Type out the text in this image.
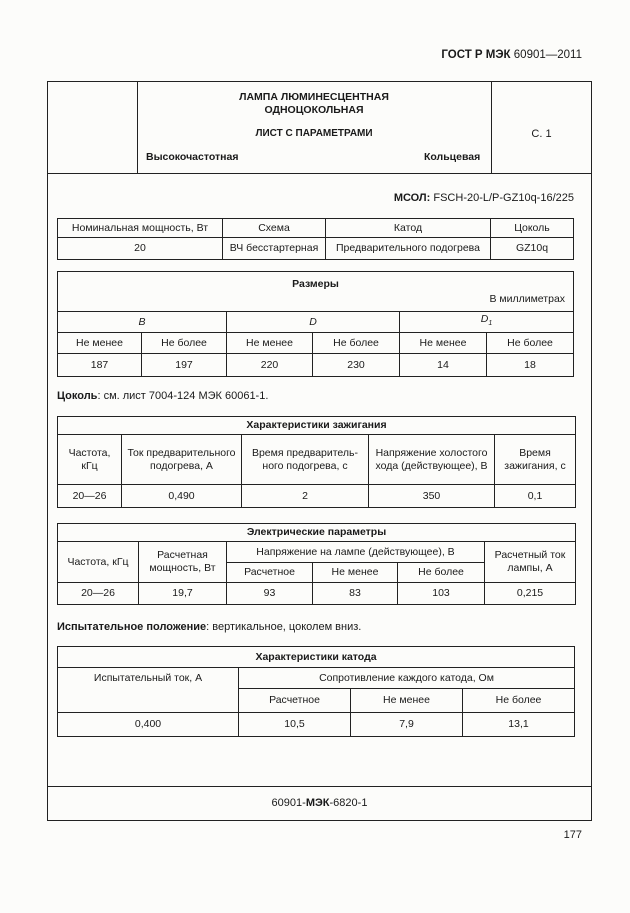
ГОСТ Р МЭК 60901—2011
ЛАМПА ЛЮМИНЕСЦЕНТНАЯ
ОДНОЦОКОЛЬНАЯ
ЛИСТ С ПАРАМЕТРАМИ
Высокочастотная	Кольцевая
С. 1
МСОЛ: FSCH-20-L/P-GZ10q-16/225
Номинальная мощность, Вт	Схема	Катод	Цоколь
20	ВЧ бесстартерная	Предварительного подогрева	GZ10q
Размеры
В миллиметрах					

B		D		$D_1$
Не менее	Не более	Не менее	Не более	Не менее	Не более
187	197	220	230	14	18
Цоколь: см. лист 7004-124 МЭК 60061-1.
Характеристики зажигания				
Частота, кГц	Ток предварительного подогрева, А	Время предваритель-ного подогрева, с	Напряжение холостого хода (действующее), В	Время зажигания, с
20—26	0,490	2	350	0,1
Электрические параметры					
Частота, кГц	Расчетная мощность, Вт	Напряжение на лампе (действующее), В			Расчетный ток лампы, А
		Расчетное	Не менее	Не более	
20—26	19,7	93	83	103	0,215
Испытательное положение: вертикальное, цоколем вниз.
Характеристики катода			
Испытательный ток, А	Сопротивление каждого катода, Ом		
	Расчетное	Не менее	Не более
0,400	10,5	7,9	13,1
60901-МЭК-6820-1
177
